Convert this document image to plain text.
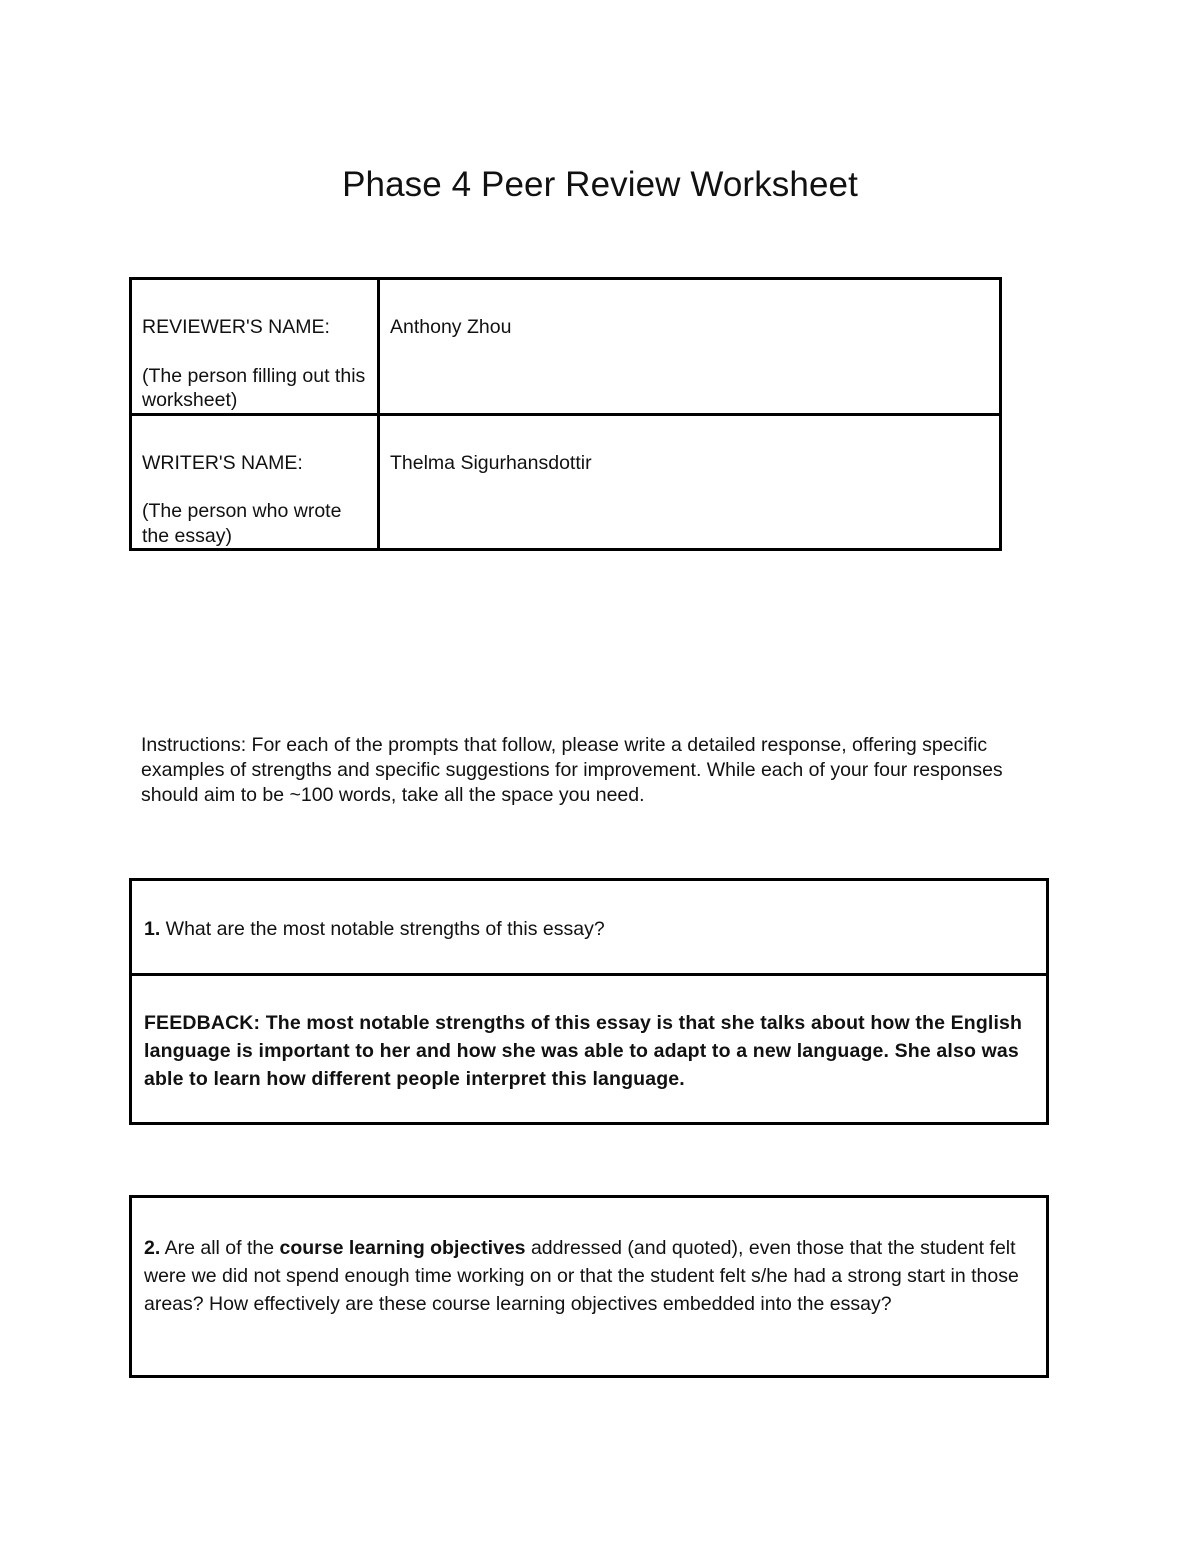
Phase 4 Peer Review Worksheet

REVIEWER'S NAME:

(The person filling out this worksheet)	Anthony Zhou

WRITER'S NAME:

(The person who wrote the essay)	Thelma Sigurhansdottir

Instructions: For each of the prompts that follow, please write a detailed response, offering specific examples of strengths and specific suggestions for improvement. While each of your four responses should aim to be ~100 words, take all the space you need.

1. What are the most notable strengths of this essay?
FEEDBACK: The most notable strengths of this essay is that she talks about how the English language is important to her and how she was able to adapt to a new language. She also was able to learn how different people interpret this language.
2. Are all of the course learning objectives addressed (and quoted), even those that the student felt were we did not spend enough time working on or that the student felt s/he had a strong start in those areas? How effectively are these course learning objectives embedded into the essay?
